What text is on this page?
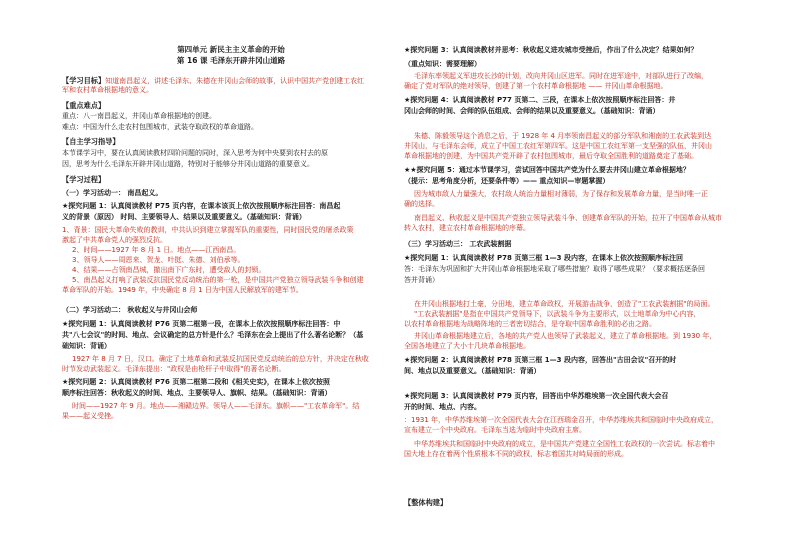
第四单元 新民主主义革命的开始
第 16 课 毛泽东开辟井冈山道路
【学习目标】知道南昌起义，讲述毛泽东、朱德在井冈山会师的故事，认识中国共产党创建工农红
军和农村革命根据地的意义。
【重点难点】
重点：八一南昌起义，井冈山革命根据地的创建。
难点：中国为什么走农村包围城市，武装夺取政权的革命道路。
【自主学习指导】
本节课学习中，要在认真阅读教材四阶问题的同时，深入思考为何中央要到农村去的原
因，思考为什么毛泽东开辟井冈山道路，特别对于能够分井冈山道路的重要意义。
【学习过程】
（一）学习活动一： 南昌起义。
★探究问题 1：认真阅读教材 P75 页内容，在课本该页上依次按照顺序标注回答：南昌起
义的背景（原因） 时间、主要领导人、结果以及重要意义。（基础知识：背诵）
1、背景：国民大革命失败的教训，中共认识到建立掌握军队的重要性，同时国民党的屠杀政策
激起了中共革命党人的强烈反抗。
2、时间——1927 年 8 月 1 日。地点——江西南昌。
3、领导人——周恩来、贺龙、叶挺、朱德、刘伯承等。
4、结果——占领南昌城，撤出南下广东时，遭受敌人的封锁。
5、南昌起义打响了武装反抗国民党反动统治的第一枪，是中国共产党独立领导武装斗争和创建
革命军队的开始。1949 年，中央确定 8 月 1 日为中国人民解放军的建军节。
（二）学习活动二： 秋收起义与井冈山会师
★探究问题 1：认真阅读教材 P76 页第二框第一段，在课本上依次按照顺序标注回答：中
共"八七会议"的时间、地点、会议确定的总方针是什么？毛泽东在会上提出了什么著名论断？（基
础知识：背诵）
1927 年 8 月 7 日，汉口。确定了土地革命和武装反抗国民党反动统治的总方针，并决定在秋收
时节发动武装起义。毛泽东提出："政权是由枪杆子中取得"的著名论断。
★探究问题 2：认真阅读教材 P76 页第二框第二段和《相关史实》，在课本上依次按照
顺序标注回答：秋收起义的时间、地点、主要领导人、旗帜、结果。（基础知识：背诵）
时间——1927 年 9 月。地点——湘赣边界。领导人——毛泽东。旗帜——"工农革命军"。结
果——起义受挫。
★探究问题 3：认真阅读教材并思考：秋收起义进攻城市受挫后，作出了什么决定？结果如何？
（重点知识：需要理解）
毛泽东率领起义军进攻长沙的计划，改向井冈山区进军。同时在进军途中，对部队进行了改编，
确定了党对军队的绝对领导，创建了第一个农村革命根据地 —— 井冈山革命根据地。
★探究问题 4：认真阅读教材 P77 页第二、三段，在课本上依次按照顺序标注回答：井
冈山会师的时间、会师的队伍组成、会师的结果以及重要意义。（基础知识：背诵）
朱德、陈毅领导这个消息之后，于 1928 年 4 月率领南昌起义的部分军队和湘南的工农武装到达
井冈山，与毛泽东会师，成立了中国工农红军第四军。这是中国工农红军第一支坚强的队伍，井冈山
革命根据地的创建，为中国共产党开辟了农村包围城市，最后夺取全国胜利的道路奠定了基础。
★★探究问题 5：通过本节课学习，尝试回答中国共产党为什么要去井冈山建立革命根据地？
（提示：思考角度分析，还要条件等）—— 重点知识—审题掌握）
因为城市敌人力量强大，农村敌人统治力量相对薄弱，为了保存和发展革命力量，是当时唯一正
确的选择。
南昌起义、秋收起义是中国共产党独立领导武装斗争、创建革命军队的开始，拉开了中国革命从城市
转入农村，建立农村革命根据地的序幕。
（三）学习活动三： 工农武装割据
★探究问题 1：认真阅读教材 P78 页第三框 1—3 段内容，在课本上依次按照顺序标注回
答：毛泽东为巩固和扩大井冈山革命根据地采取了哪些措施？取得了哪些成果？（要求概括逐条回
答并背诵）
在井冈山根据地打土豪，分田地，建立革命政权，开展游击战争，创造了"工农武装割据"的局面。
"工农武装割据"是指在中国共产党领导下，以武装斗争为主要形式，以土地革命为中心内容，
以农村革命根据地为战略阵地的三者密切结合，是夺取中国革命胜利的必由之路。
井冈山革命根据地建立后，各地的共产党人也领导了武装起义，建立了革命根据地。到 1930 年，
全国各地建立了大小十几块革命根据地。
★探究问题 2：认真阅读教材 P78 页第三框 1—3 段内容，回答出"古田会议"召开的时
间、地点以及重要意义。（基础知识：背诵）
★探究问题 3：认真阅读教材 P79 页内容，回答出中华苏维埃第一次全国代表大会召
开的时间、地点、内容。
：1931 年，中华苏维埃第一次全国代表大会在江西瑞金召开，中华苏维埃共和国临时中央政府成立，
宣布建立一个中央政府。毛泽东当选为临时中央政府主席。
中华苏维埃共和国临时中央政府的成立，是中国共产党建立全国性工农政权的一次尝试。标志着中
国大地上存在着两个性质根本不同的政权，标志着国共对峙局面的形成。
【整体构建】
